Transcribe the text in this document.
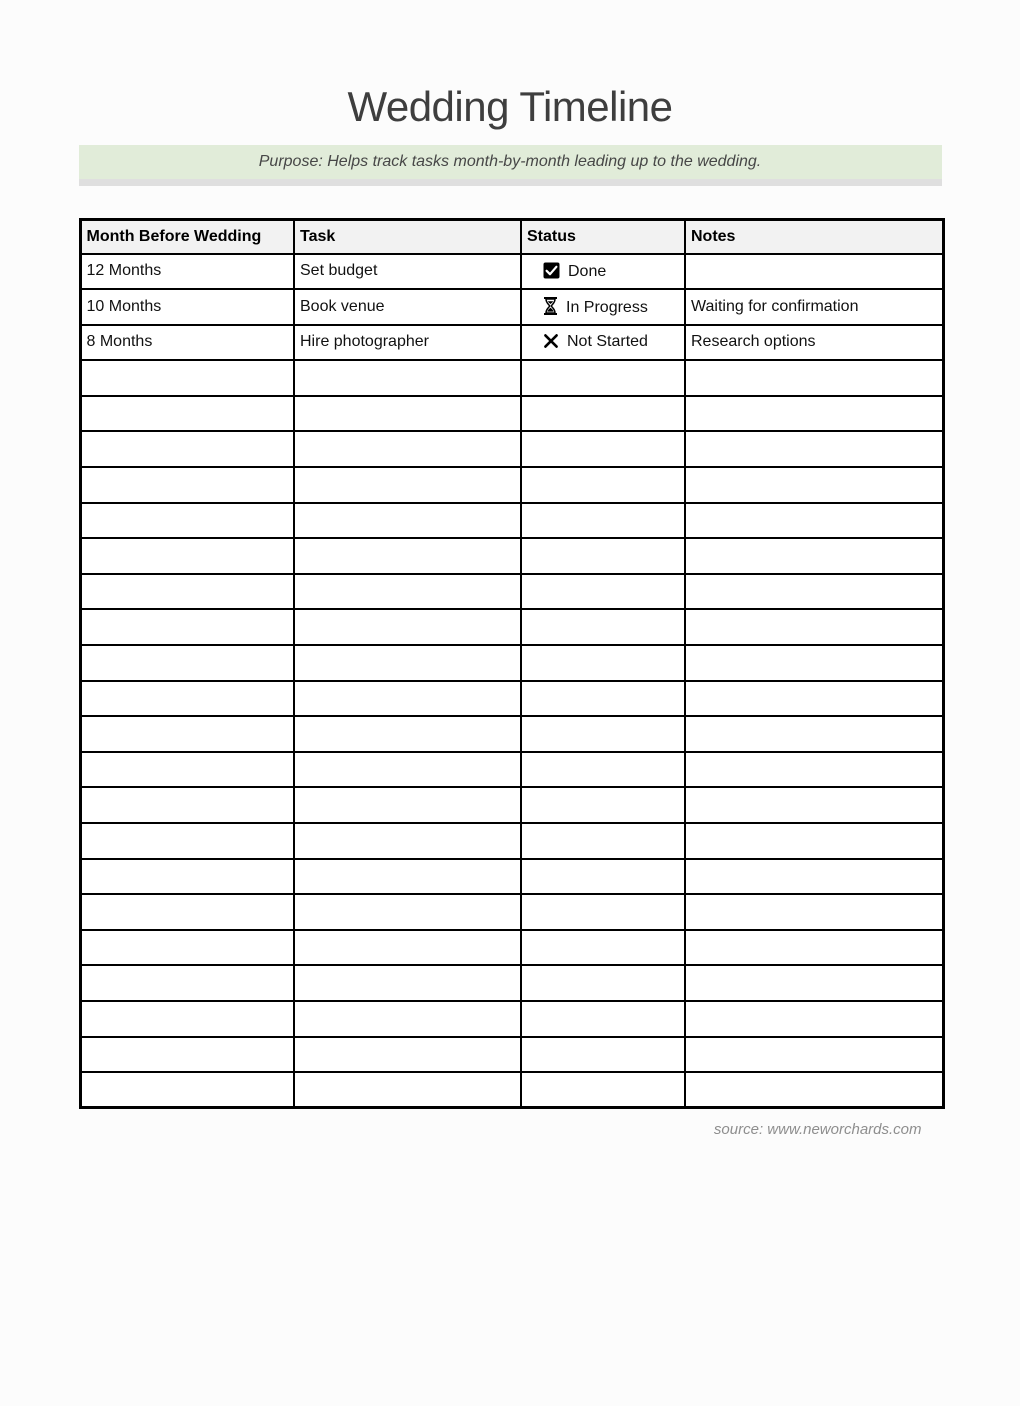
Wedding Timeline
Purpose: Helps track tasks month-by-month leading up to the wedding.
Month Before Wedding	Task	Status	Notes
12 Months	Set budget	Done	
10 Months	Book venue	In Progress	Waiting for confirmation
8 Months	Hire photographer	Not Started	Research options

source: www.neworchards.com
